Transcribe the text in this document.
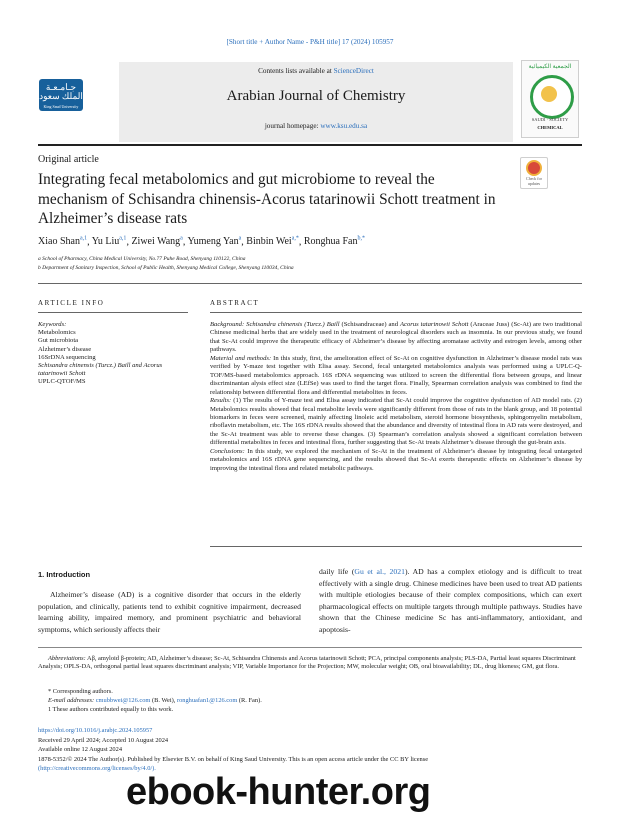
[Short title + Author Name - P&H title] 17 (2024) 105957
جـامـعـة الملك سعود
King Saud University
Contents lists available at ScienceDirect
Arabian Journal of Chemistry
journal homepage: www.ksu.edu.sa
الجمعية الكيميائية
SAUDI · SOCIETY
CHEMICAL
Original article
Integrating fecal metabolomics and gut microbiome to reveal the mechanism of Schisandra chinensis-Acorus tatarinowii Schott treatment in Alzheimer’s disease rats
Check for updates
Xiao Shan$^{a,1}$, Yu Liu$^{a,1}$, Ziwei Wang$^a$, Yumeng Yan$^a$, Binbin Wei$^{a,*}$, Ronghua Fan$^{b,*}$
a School of Pharmacy, China Medical University, No.77 Puhe Road, Shenyang 110122, China
b Department of Sanitary Inspection, School of Public Health, Shenyang Medical College, Shenyang 110034, China
ARTICLE INFO
Keywords:
Metabolomics
Gut microbiota
Alzheimer’s disease
16SrDNA sequencing
Schisandra chinensis (Turcz.) Baill and Acorus tatarinowii Schott
UPLC-QTOF/MS
ABSTRACT

Background: Schisandra chinensis (Turcz.) Baill (Schisandraceae) and Acorus tatarinowii Schott (Araceae Juss) (Sc-At) are two traditional Chinese medicinal herbs that are widely used in the treatment of neurological disorders such as insomnia. In our previous study, we found that Sc-At could improve the therapeutic efficacy of Alzheimer’s disease by affecting aromatase activity and estrogen levels, among other pathways.

Material and methods: In this study, first, the amelioration effect of Sc-At on cognitive dysfunction in Alzheimer’s disease model rats was verified by Y-maze test together with Elisa assay. Second, fecal untargeted metabolomics analysis was performed using a UPLC-Q-TOF/MS-based metabolomics approach. 16S rDNA sequencing was utilized to screen the differential flora between groups, and linear discriminantan alysis effect size (LEfSe) was used to find the target flora. Finally, Spearman correlation analysis was combined to find the relationship between differential flora and differential metabolites in feces.

Results: (1) The results of Y-maze test and Elisa assay indicated that Sc-At could improve the cognitive dysfunction of AD model rats. (2) Metabolomics results showed that fecal metabolite levels were significantly different from those of rats in the blank group, and 18 potential biomarkers in feces were screened, mainly affecting linoleic acid metabolism, steroid hormone biosynthesis, sphingomyelin metabolism, riboflavin metabolism, etc. The 16S rDNA results showed that the abundance and diversity of intestinal flora in AD rats were destroyed, and the Sc-At treatment was able to reverse these changes. (3) Spearman’s correlation analysis showed a significant correlation between differential metabolites in feces and intestinal flora, further suggesting that Sc-At treats Alzheimer’s disease through the gut-brain axis.

Conclusions: In this study, we explored the mechanism of Sc-At in the treatment of Alzheimer’s disease by integrating fecal untargeted metabolomics and 16S rDNA gene sequencing, and the results showed that Sc-At exerts therapeutic effects on Alzheimer’s disease by improving the intestinal flora and related metabolic pathways.

1. Introduction

Alzheimer’s disease (AD) is a cognitive disorder that occurs in the elderly population, and clinically, patients tend to exhibit cognitive impairment, decreased learning ability, impaired memory, and prominent psychiatric and behavioral symptoms, which seriously affects their

daily life (Gu et al., 2021). AD has a complex etiology and is difficult to treat effectively with a single drug. Chinese medicines have been used to treat AD patients with multiple etiologies because of their complex compositions, which can exert pharmacological effects on multiple targets through multiple pathways. Studies have shown that the Chinese medicine Sc has anti-inflammatory, antioxidant, and apoptosis-

Abbreviations: Aβ, amyloid β-protein; AD, Alzheimer’s disease; Sc-At, Schisandra Chinensis and Acorus tatarinowii Schott; PCA, principal components analysis; PLS-DA, Partial least squares Discriminant Analysis; OPLS-DA, orthogonal partial least squares discriminant analysis; VIP, Variable Importance for the Projection; MW, molecular weight; OB, oral bioavailability; DL, drug likeness; GM, gut flora.
* Corresponding authors.
E-mail addresses: cmubbwei@126.com (B. Wei), ronghuafan1@126.com (R. Fan).
1 These authors contributed equally to this work.
https://doi.org/10.1016/j.arabjc.2024.105957
Received 29 April 2024; Accepted 10 August 2024
Available online 12 August 2024
1878-5352/© 2024 The Author(s). Published by Elsevier B.V. on behalf of King Saud University. This is an open access article under the CC BY license
(http://creativecommons.org/licenses/by/4.0/).
ebook-hunter.org
